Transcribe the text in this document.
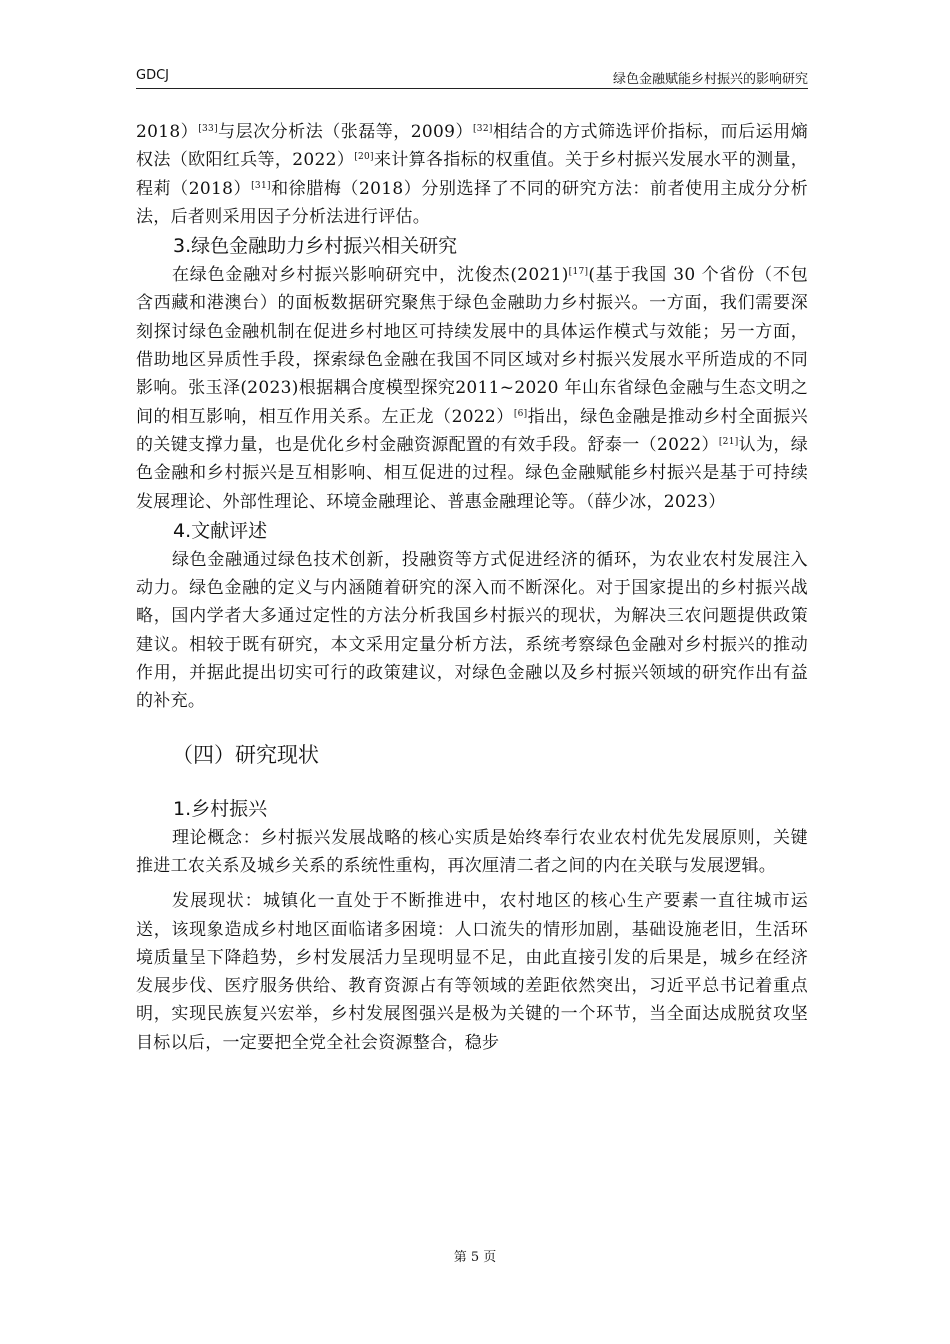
GDCJ	绿色金融赋能乡村振兴的影响研究

2018）[33]与层次分析法（张磊等，2009）[32]相结合的方式筛选评价指标，而后运用熵权法（欧阳红兵等，2022）[20]来计算各指标的权重值。关于乡村振兴发展水平的测量，程莉（2018）[31]和徐腊梅（2018）分别选择了不同的研究方法：前者使用主成分分析法，后者则采用因子分析法进行评估。

3.绿色金融助力乡村振兴相关研究

在绿色金融对乡村振兴影响研究中，沈俊杰(2021)[17](基于我国 30 个省份（不包含西藏和港澳台）的面板数据研究聚焦于绿色金融助力乡村振兴。一方面，我们需要深刻探讨绿色金融机制在促进乡村地区可持续发展中的具体运作模式与效能；另一方面，借助地区异质性手段，探索绿色金融在我国不同区域对乡村振兴发展水平所造成的不同影响。张玉泽(2023)根据耦合度模型探究2011~2020 年山东省绿色金融与生态文明之间的相互影响，相互作用关系。左正龙（2022）[6]指出，绿色金融是推动乡村全面振兴的关键支撑力量，也是优化乡村金融资源配置的有效手段。舒泰一（2022）[21]认为，绿色金融和乡村振兴是互相影响、相互促进的过程。绿色金融赋能乡村振兴是基于可持续发展理论、外部性理论、环境金融理论、普惠金融理论等。（薛少冰，2023）

4.文献评述

绿色金融通过绿色技术创新，投融资等方式促进经济的循环，为农业农村发展注入动力。绿色金融的定义与内涵随着研究的深入而不断深化。对于国家提出的乡村振兴战略，国内学者大多通过定性的方法分析我国乡村振兴的现状，为解决三农问题提供政策建议。相较于既有研究，本文采用定量分析方法，系统考察绿色金融对乡村振兴的推动作用，并据此提出切实可行的政策建议，对绿色金融以及乡村振兴领域的研究作出有益的补充。

（四）研究现状
1.乡村振兴

理论概念：乡村振兴发展战略的核心实质是始终奉行农业农村优先发展原则，关键推进工农关系及城乡关系的系统性重构，再次厘清二者之间的内在关联与发展逻辑。

发展现状：城镇化一直处于不断推进中，农村地区的核心生产要素一直往城市运送，该现象造成乡村地区面临诸多困境：人口流失的情形加剧，基础设施老旧，生活环境质量呈下降趋势，乡村发展活力呈现明显不足，由此直接引发的后果是，城乡在经济发展步伐、医疗服务供给、教育资源占有等领域的差距依然突出，习近平总书记着重点明，实现民族复兴宏举，乡村发展图强兴是极为关键的一个环节，当全面达成脱贫攻坚目标以后，一定要把全党全社会资源整合，稳步

第 5 页
